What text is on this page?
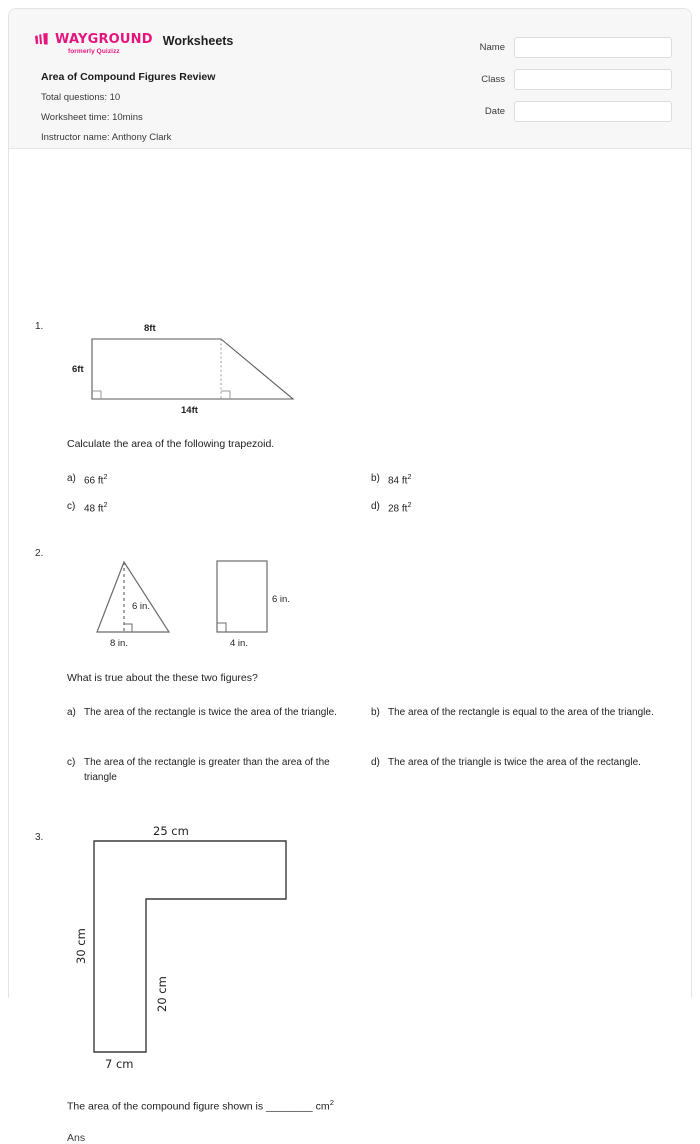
WAYGROUND
formerly Quizizz
Worksheets
Area of Compound Figures Review
Total questions: 10
Worksheet time: 10mins
Instructor name: Anthony Clark
Name
Class
Date
1.	8ft
6ft
14ft
Calculate the area of the following trapezoid.
a) 66 $ft^2$	b) 84 $ft^2$
c) 48 $ft^2$	d) 28 $ft^2$
2.
6 in.
8 in.
6 in.
4 in.
What is true about the these two figures?
a) The area of the rectangle is twice the area of the triangle.	b) The area of the rectangle is equal to the area of the triangle.
c) The area of the rectangle is greater than the area of the triangle
d) The area of the triangle is twice the area of the rectangle.
3.	25 cm
30 cm
20 cm
7 cm
The area of the compound figure shown is ________ $cm^2$
Ans
